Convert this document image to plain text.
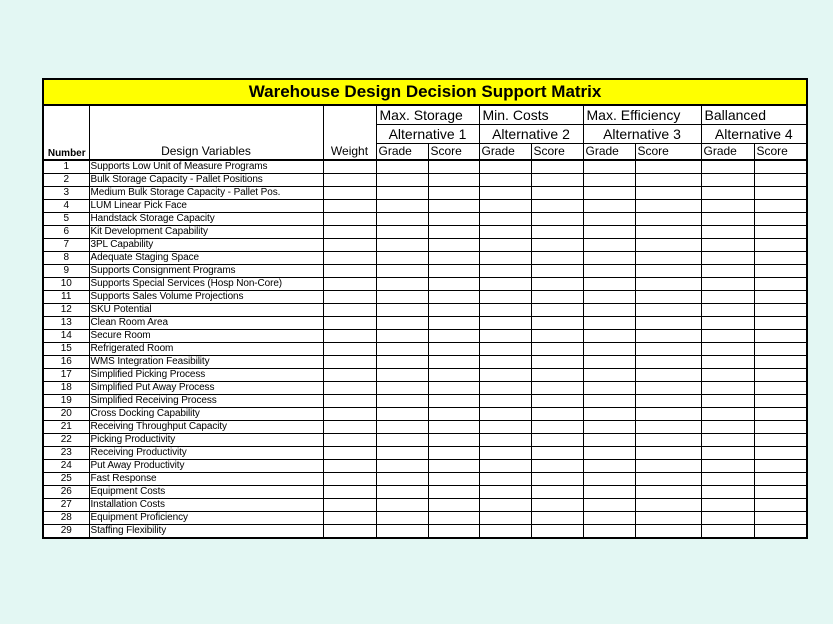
Warehouse Design Decision Support Matrix										
Number	Design Variables	Weight	Max. Storage		Min. Costs		Max. Efficiency		Ballanced	
			Alternative 1		Alternative 2		Alternative 3		Alternative 4	
			Grade	Score	Grade	Score	Grade	Score	Grade	Score
1	Supports Low Unit of Measure Programs									
2	Bulk Storage Capacity - Pallet Positions									
3	Medium Bulk Storage Capacity - Pallet Pos.									
4	LUM Linear Pick Face									
5	Handstack Storage Capacity									
6	Kit Development Capability									
7	3PL Capability									
8	Adequate Staging Space									
9	Supports Consignment Programs									
10	Supports Special Services (Hosp Non-Core)									
11	Supports Sales Volume Projections									
12	SKU Potential									
13	Clean Room Area									
14	Secure Room									
15	Refrigerated Room									
16	WMS Integration Feasibility									
17	Simplified Picking Process									
18	Simplified Put Away Process									
19	Simplified Receiving Process									
20	Cross Docking Capability									
21	Receiving Throughput Capacity									
22	Picking Productivity									
23	Receiving Productivity									
24	Put Away Productivity									
25	Fast Response									
26	Equipment Costs									
27	Installation Costs									
28	Equipment Proficiency									
29	Staffing Flexibility									
